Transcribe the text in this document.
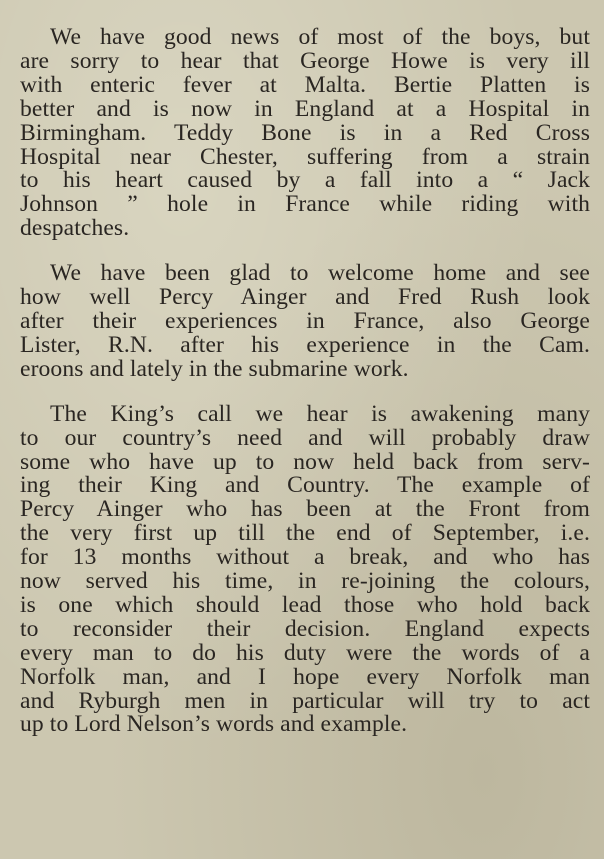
We have good news of most of the boys, but
are sorry to hear that George Howe is very ill
with enteric fever at Malta. Bertie Platten is
better and is now in England at a Hospital in
Birmingham. Teddy Bone is in a Red Cross
Hospital near Chester, suffering from a strain
to his heart caused by a fall into a “ Jack
Johnson ” hole in France while riding with
despatches.

We have been glad to welcome home and see
how well Percy Ainger and Fred Rush look
after their experiences in France, also George
Lister, R.N. after his experience in the Cam.
eroons and lately in the submarine work.

The King’s call we hear is awakening many
to our country’s need and will probably draw
some who have up to now held back from serv-
ing their King and Country. The example of
Percy Ainger who has been at the Front from
the very first up till the end of September, i.e.
for 13 months without a break, and who has
now served his time, in re-joining the colours,
is one which should lead those who hold back
to reconsider their decision. England expects
every man to do his duty were the words of a
Norfolk man, and I hope every Norfolk man
and Ryburgh men in particular will try to act
up to Lord Nelson’s words and example.
